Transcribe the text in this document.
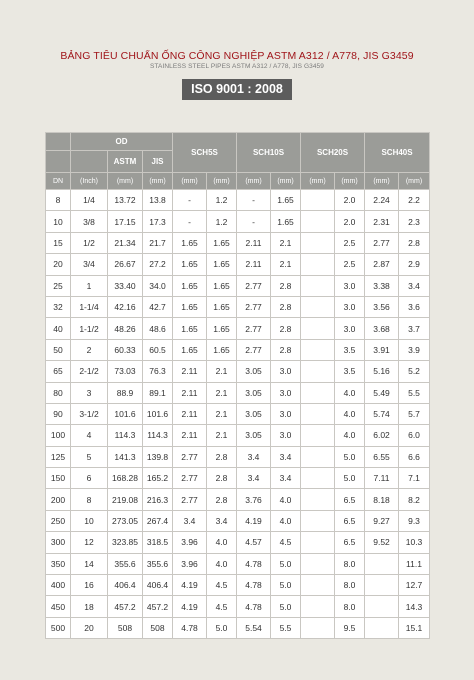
BẢNG TIÊU CHUẨN ỐNG CÔNG NGHIỆP ASTM A312 / A778, JIS G3459
STAINLESS STEEL PIPES ASTM A312 / A778, JIS G3459
ISO 9001 : 2008
	OD			SCH5S		SCH10S		SCH20S		SCH40S	
		ASTM	JIS								
DN	(Inch)	(mm)	(mm)	(mm)	(mm)	(mm)	(mm)	(mm)	(mm)	(mm)	(mm)
8	1/4	13.72	13.8	-	1.2	-	1.65		2.0	2.24	2.2
10	3/8	17.15	17.3	-	1.2	-	1.65		2.0	2.31	2.3
15	1/2	21.34	21.7	1.65	1.65	2.11	2.1		2.5	2.77	2.8
20	3/4	26.67	27.2	1.65	1.65	2.11	2.1		2.5	2.87	2.9
25	1	33.40	34.0	1.65	1.65	2.77	2.8		3.0	3.38	3.4
32	1-1/4	42.16	42.7	1.65	1.65	2.77	2.8		3.0	3.56	3.6
40	1-1/2	48.26	48.6	1.65	1.65	2.77	2.8		3.0	3.68	3.7
50	2	60.33	60.5	1.65	1.65	2.77	2.8		3.5	3.91	3.9
65	2-1/2	73.03	76.3	2.11	2.1	3.05	3.0		3.5	5.16	5.2
80	3	88.9	89.1	2.11	2.1	3.05	3.0		4.0	5.49	5.5
90	3-1/2	101.6	101.6	2.11	2.1	3.05	3.0		4.0	5.74	5.7
100	4	114.3	114.3	2.11	2.1	3.05	3.0		4.0	6.02	6.0
125	5	141.3	139.8	2.77	2.8	3.4	3.4		5.0	6.55	6.6
150	6	168.28	165.2	2.77	2.8	3.4	3.4		5.0	7.11	7.1
200	8	219.08	216.3	2.77	2.8	3.76	4.0		6.5	8.18	8.2
250	10	273.05	267.4	3.4	3.4	4.19	4.0		6.5	9.27	9.3
300	12	323.85	318.5	3.96	4.0	4.57	4.5		6.5	9.52	10.3
350	14	355.6	355.6	3.96	4.0	4.78	5.0		8.0		11.1
400	16	406.4	406.4	4.19	4.5	4.78	5.0		8.0		12.7
450	18	457.2	457.2	4.19	4.5	4.78	5.0		8.0		14.3
500	20	508	508	4.78	5.0	5.54	5.5		9.5		15.1
